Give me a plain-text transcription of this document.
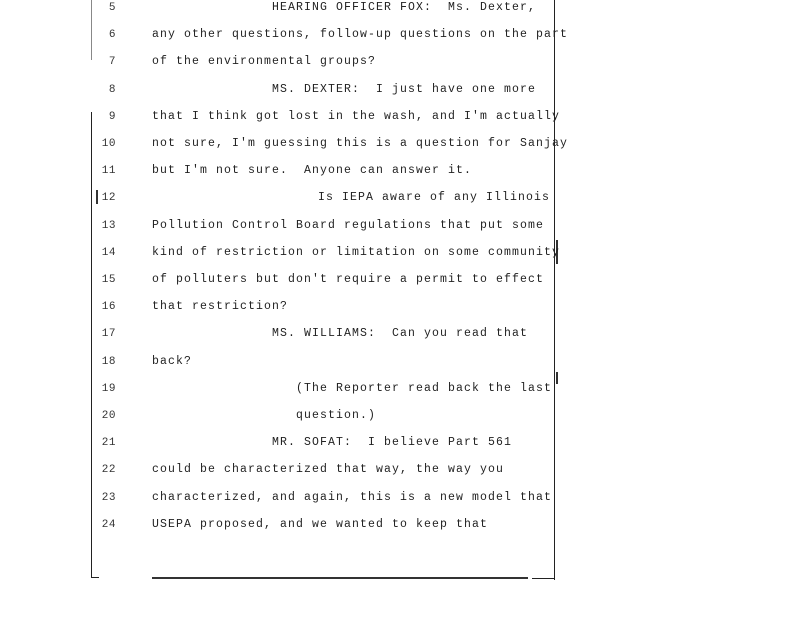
5	HEARING OFFICER FOX:  Ms. Dexter,
6	any other questions, follow-up questions on the part
7	of the environmental groups?
8	MS. DEXTER:  I just have one more
9	that I think got lost in the wash, and I'm actually
10	not sure, I'm guessing this is a question for Sanjay
11	but I'm not sure.  Anyone can answer it.
12	Is IEPA aware of any Illinois
13	Pollution Control Board regulations that put some
14	kind of restriction or limitation on some community
15	of polluters but don't require a permit to effect
16	that restriction?
17	MS. WILLIAMS:  Can you read that
18	back?
19	(The Reporter read back the last
20	question.)
21	MR. SOFAT:  I believe Part 561
22	could be characterized that way, the way you
23	characterized, and again, this is a new model that
24	USEPA proposed, and we wanted to keep that
